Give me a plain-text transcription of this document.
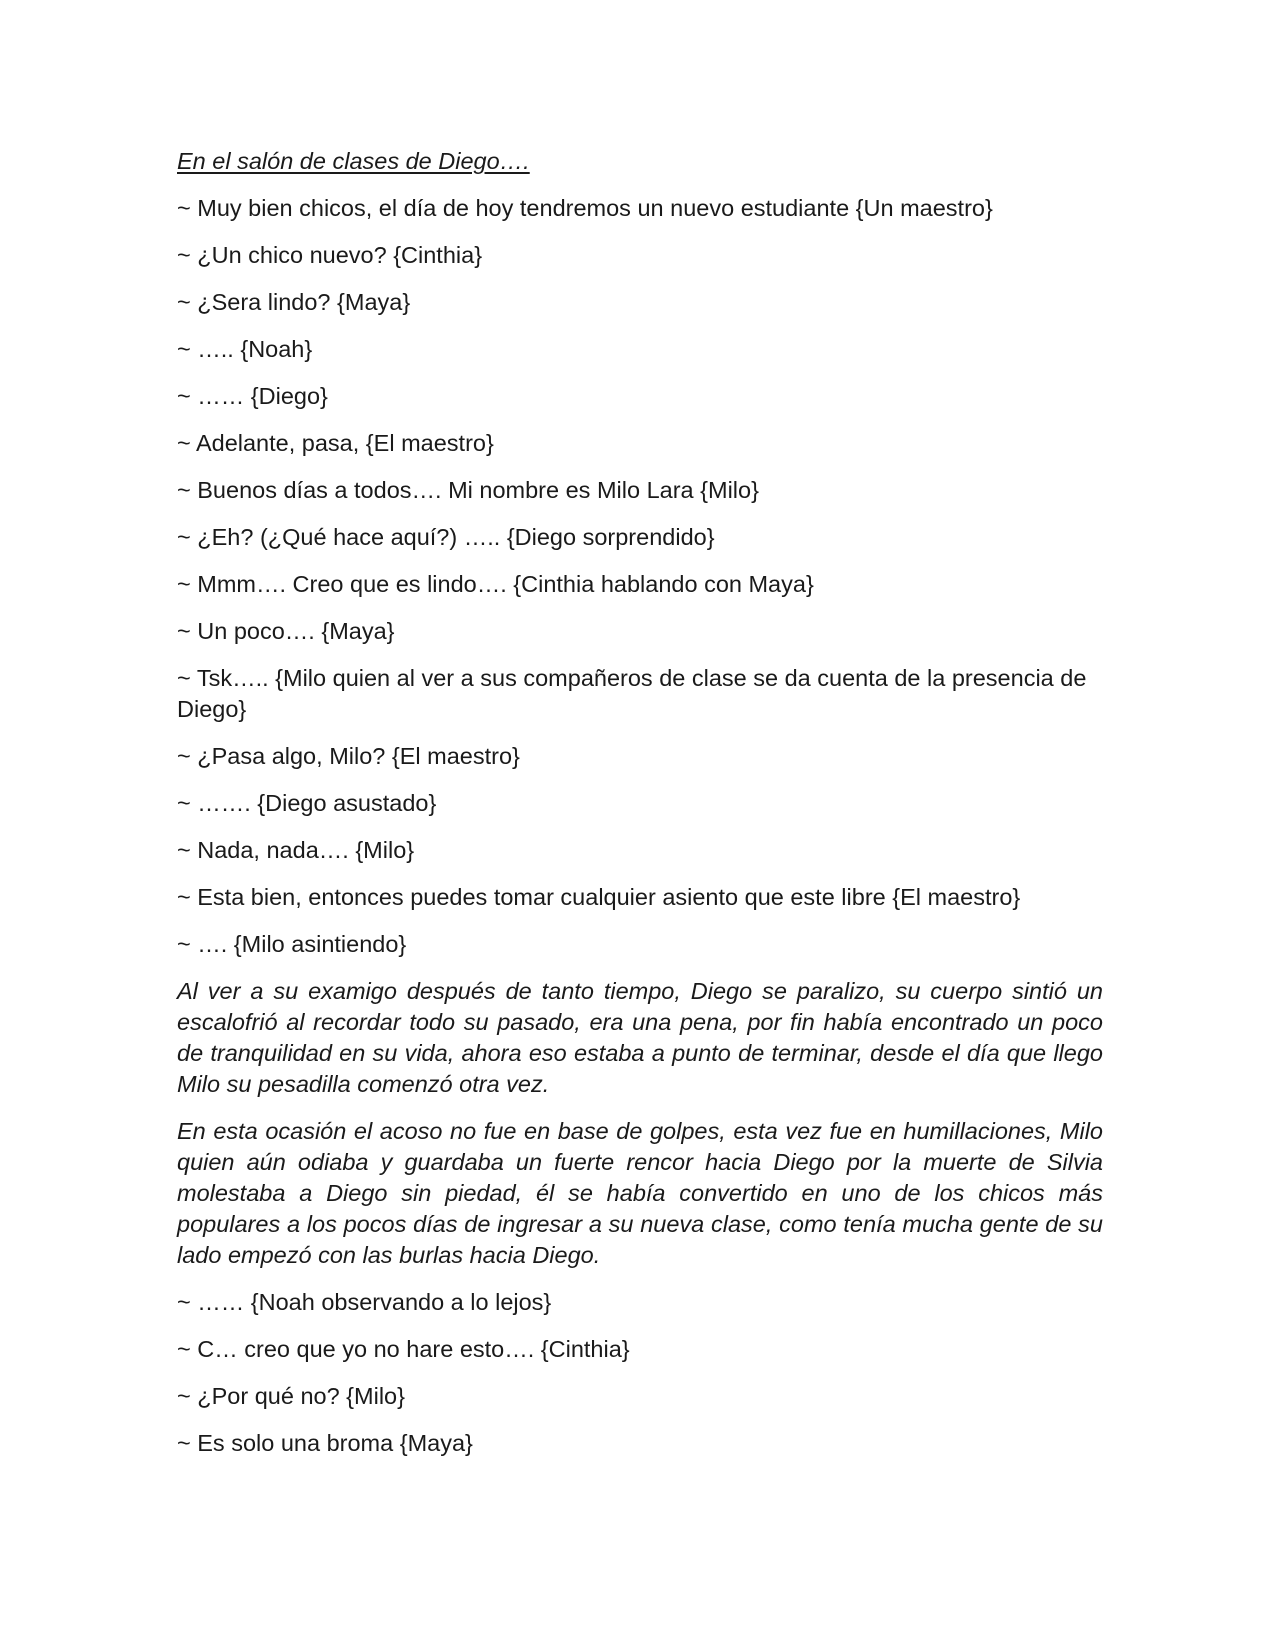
En el salón de clases de Diego….
~ Muy bien chicos, el día de hoy tendremos un nuevo estudiante {Un maestro}
~ ¿Un chico nuevo? {Cinthia}
~ ¿Sera lindo? {Maya}
~ ….. {Noah}
~ …… {Diego}
~ Adelante, pasa, {El maestro}
~ Buenos días a todos…. Mi nombre es Milo Lara {Milo}
~ ¿Eh? (¿Qué hace aquí?) ….. {Diego sorprendido}
~ Mmm…. Creo que es lindo…. {Cinthia hablando con Maya}
~ Un poco…. {Maya}
~ Tsk….. {Milo quien al ver a sus compañeros de clase se da cuenta de la presencia de Diego}
~ ¿Pasa algo, Milo? {El maestro}
~ ……. {Diego asustado}
~ Nada, nada…. {Milo}
~ Esta bien, entonces puedes tomar cualquier asiento que este libre {El maestro}
~ …. {Milo asintiendo}
Al ver a su examigo después de tanto tiempo, Diego se paralizo, su cuerpo sintió un escalofrió al recordar todo su pasado, era una pena, por fin había encontrado un poco de tranquilidad en su vida, ahora eso estaba a punto de terminar, desde el día que llego Milo su pesadilla comenzó otra vez.
En esta ocasión el acoso no fue en base de golpes, esta vez fue en humillaciones, Milo quien aún odiaba y guardaba un fuerte rencor hacia Diego por la muerte de Silvia molestaba a Diego sin piedad, él se había convertido en uno de los chicos más populares a los pocos días de ingresar a su nueva clase, como tenía mucha gente de su lado empezó con las burlas hacia Diego.
~ …… {Noah observando a lo lejos}
~ C… creo que yo no hare esto…. {Cinthia}
~ ¿Por qué no? {Milo}
~ Es solo una broma {Maya}
